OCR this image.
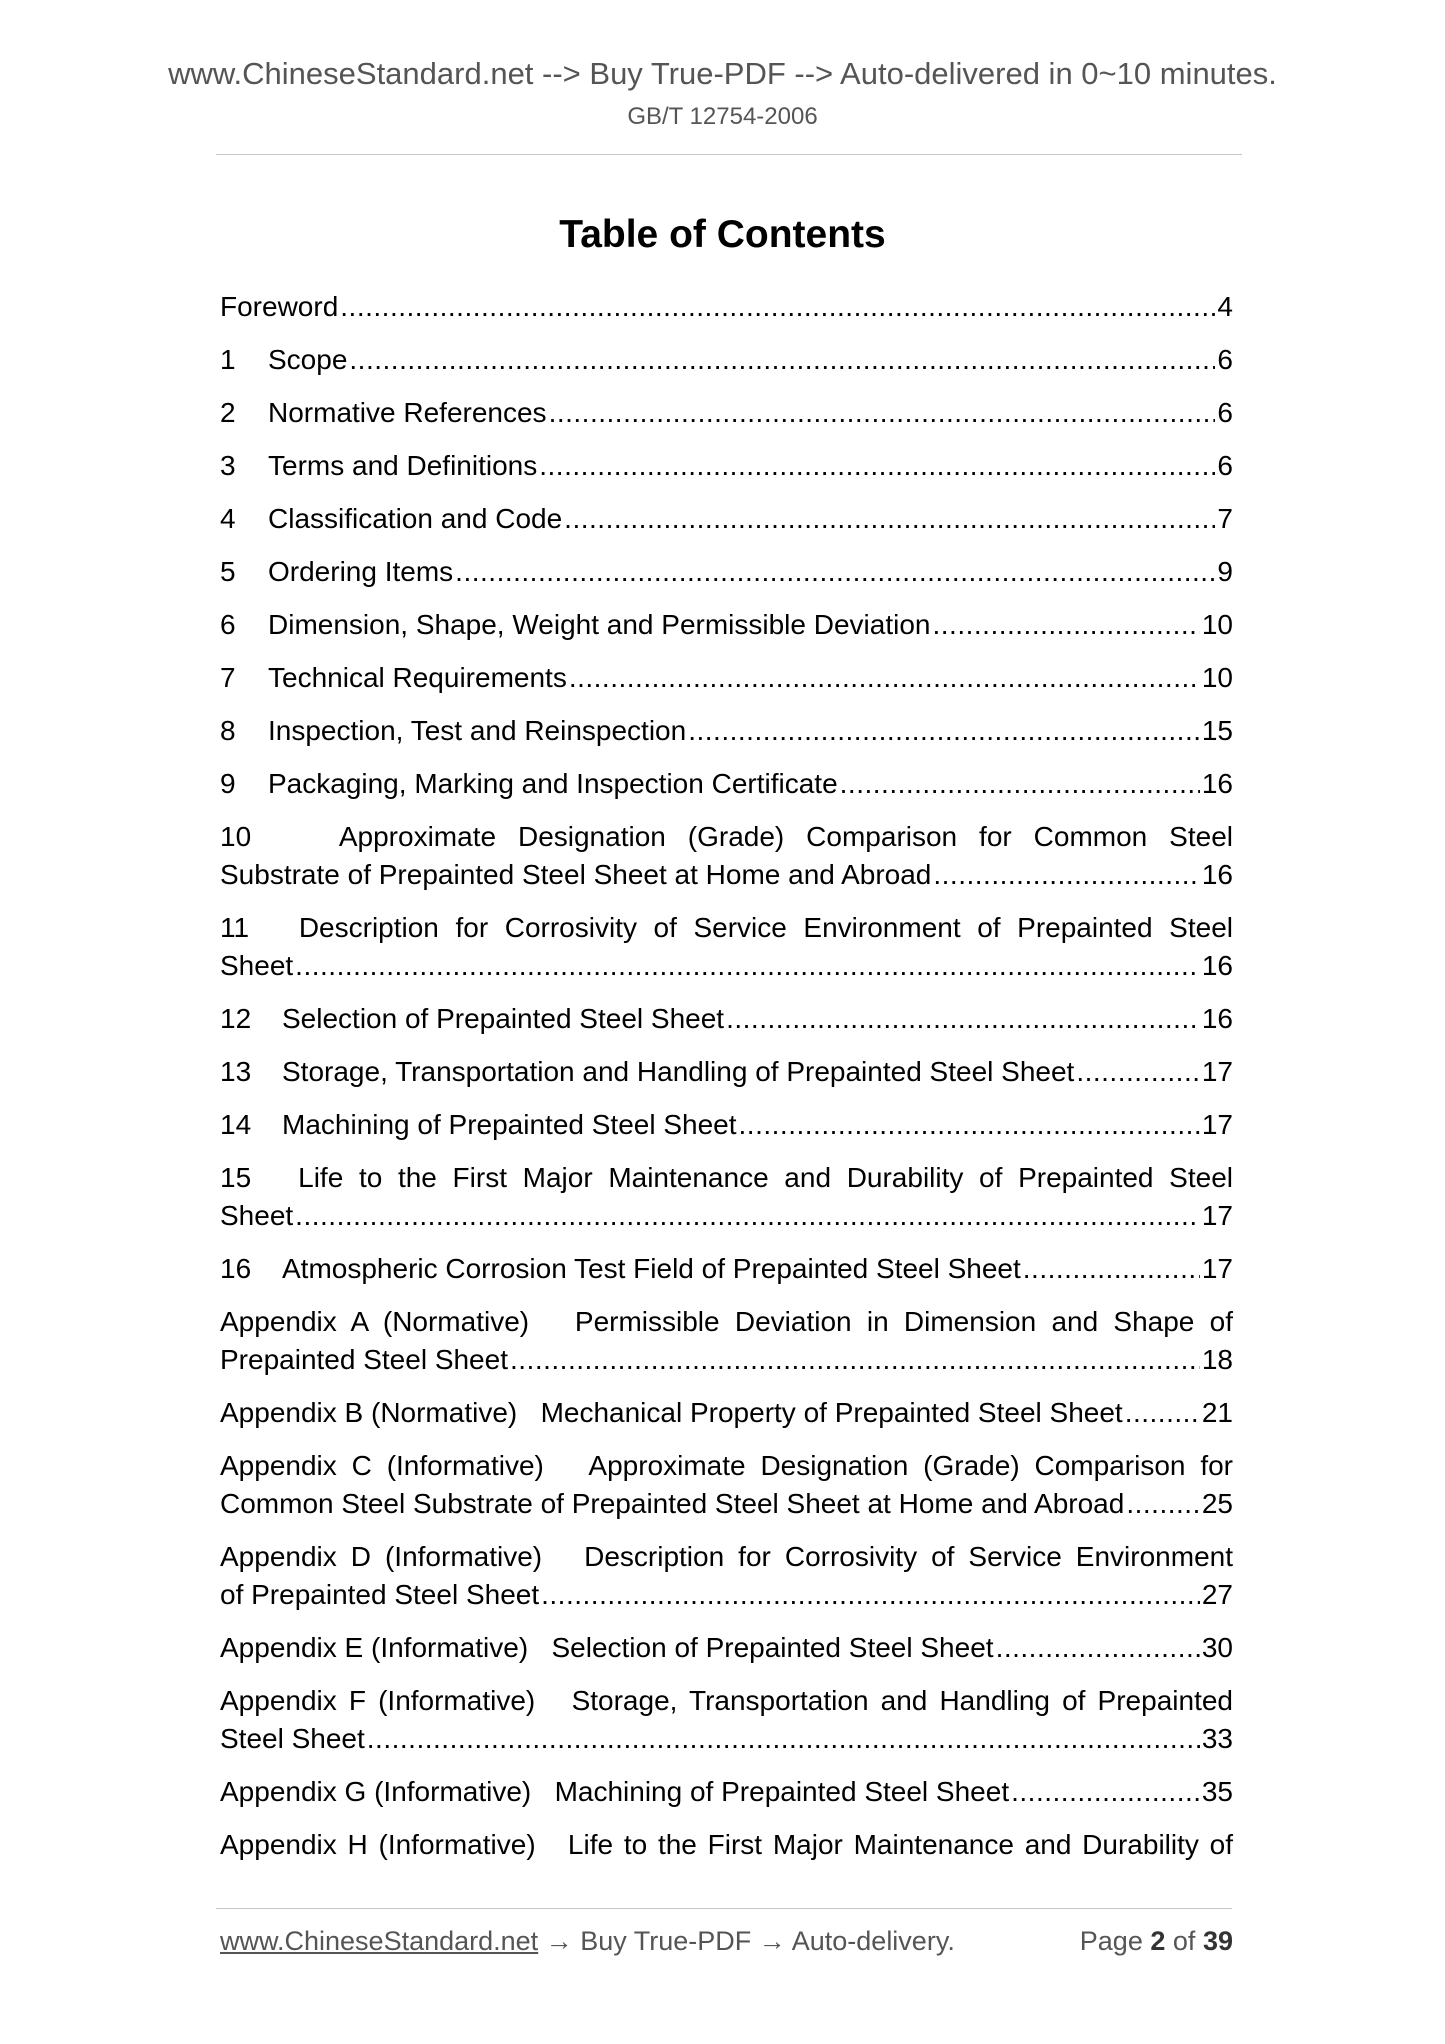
www.ChineseStandard.net --> Buy True-PDF --> Auto-delivered in 0~10 minutes.
GB/T 12754-2006
Table of Contents
Foreword .....	4
1 Scope .....	6
2 Normative References .....	6
3 Terms and Definitions .....	6
4 Classification and Code .....	7
5 Ordering Items .....	9
6 Dimension, Shape, Weight and Permissible Deviation .....	10
7 Technical Requirements .....	10
8 Inspection, Test and Reinspection .....	15
9 Packaging, Marking and Inspection Certificate .....	16
10    Approximate Designation (Grade) Comparison for Common Steel
Substrate of Prepainted Steel Sheet at Home and Abroad .....	16
11   Description for Corrosivity of Service Environment of Prepainted Steel
Sheet .....	16
12 Selection of Prepainted Steel Sheet .....	16
13 Storage, Transportation and Handling of Prepainted Steel Sheet .....	17
14 Machining of Prepainted Steel Sheet .....	17
15   Life to the First Major Maintenance and Durability of Prepainted Steel
Sheet .....	17
16 Atmospheric Corrosion Test Field of Prepainted Steel Sheet .....	17
Appendix A (Normative)   Permissible Deviation in Dimension and Shape of
Prepainted Steel Sheet .....	18
Appendix B (Normative)   Mechanical Property of Prepainted Steel Sheet .....	21
Appendix C (Informative)   Approximate Designation (Grade) Comparison for
Common Steel Substrate of Prepainted Steel Sheet at Home and Abroad .....	25
Appendix D (Informative)   Description for Corrosivity of Service Environment
of Prepainted Steel Sheet .....	27
Appendix E (Informative)   Selection of Prepainted Steel Sheet .....	30
Appendix F (Informative)   Storage, Transportation and Handling of Prepainted
Steel Sheet .....	33
Appendix G (Informative)   Machining of Prepainted Steel Sheet .....	35
Appendix H (Informative)   Life to the First Major Maintenance and Durability of
www.ChineseStandard.net → Buy True-PDF → Auto-delivery.	Page 2 of 39
